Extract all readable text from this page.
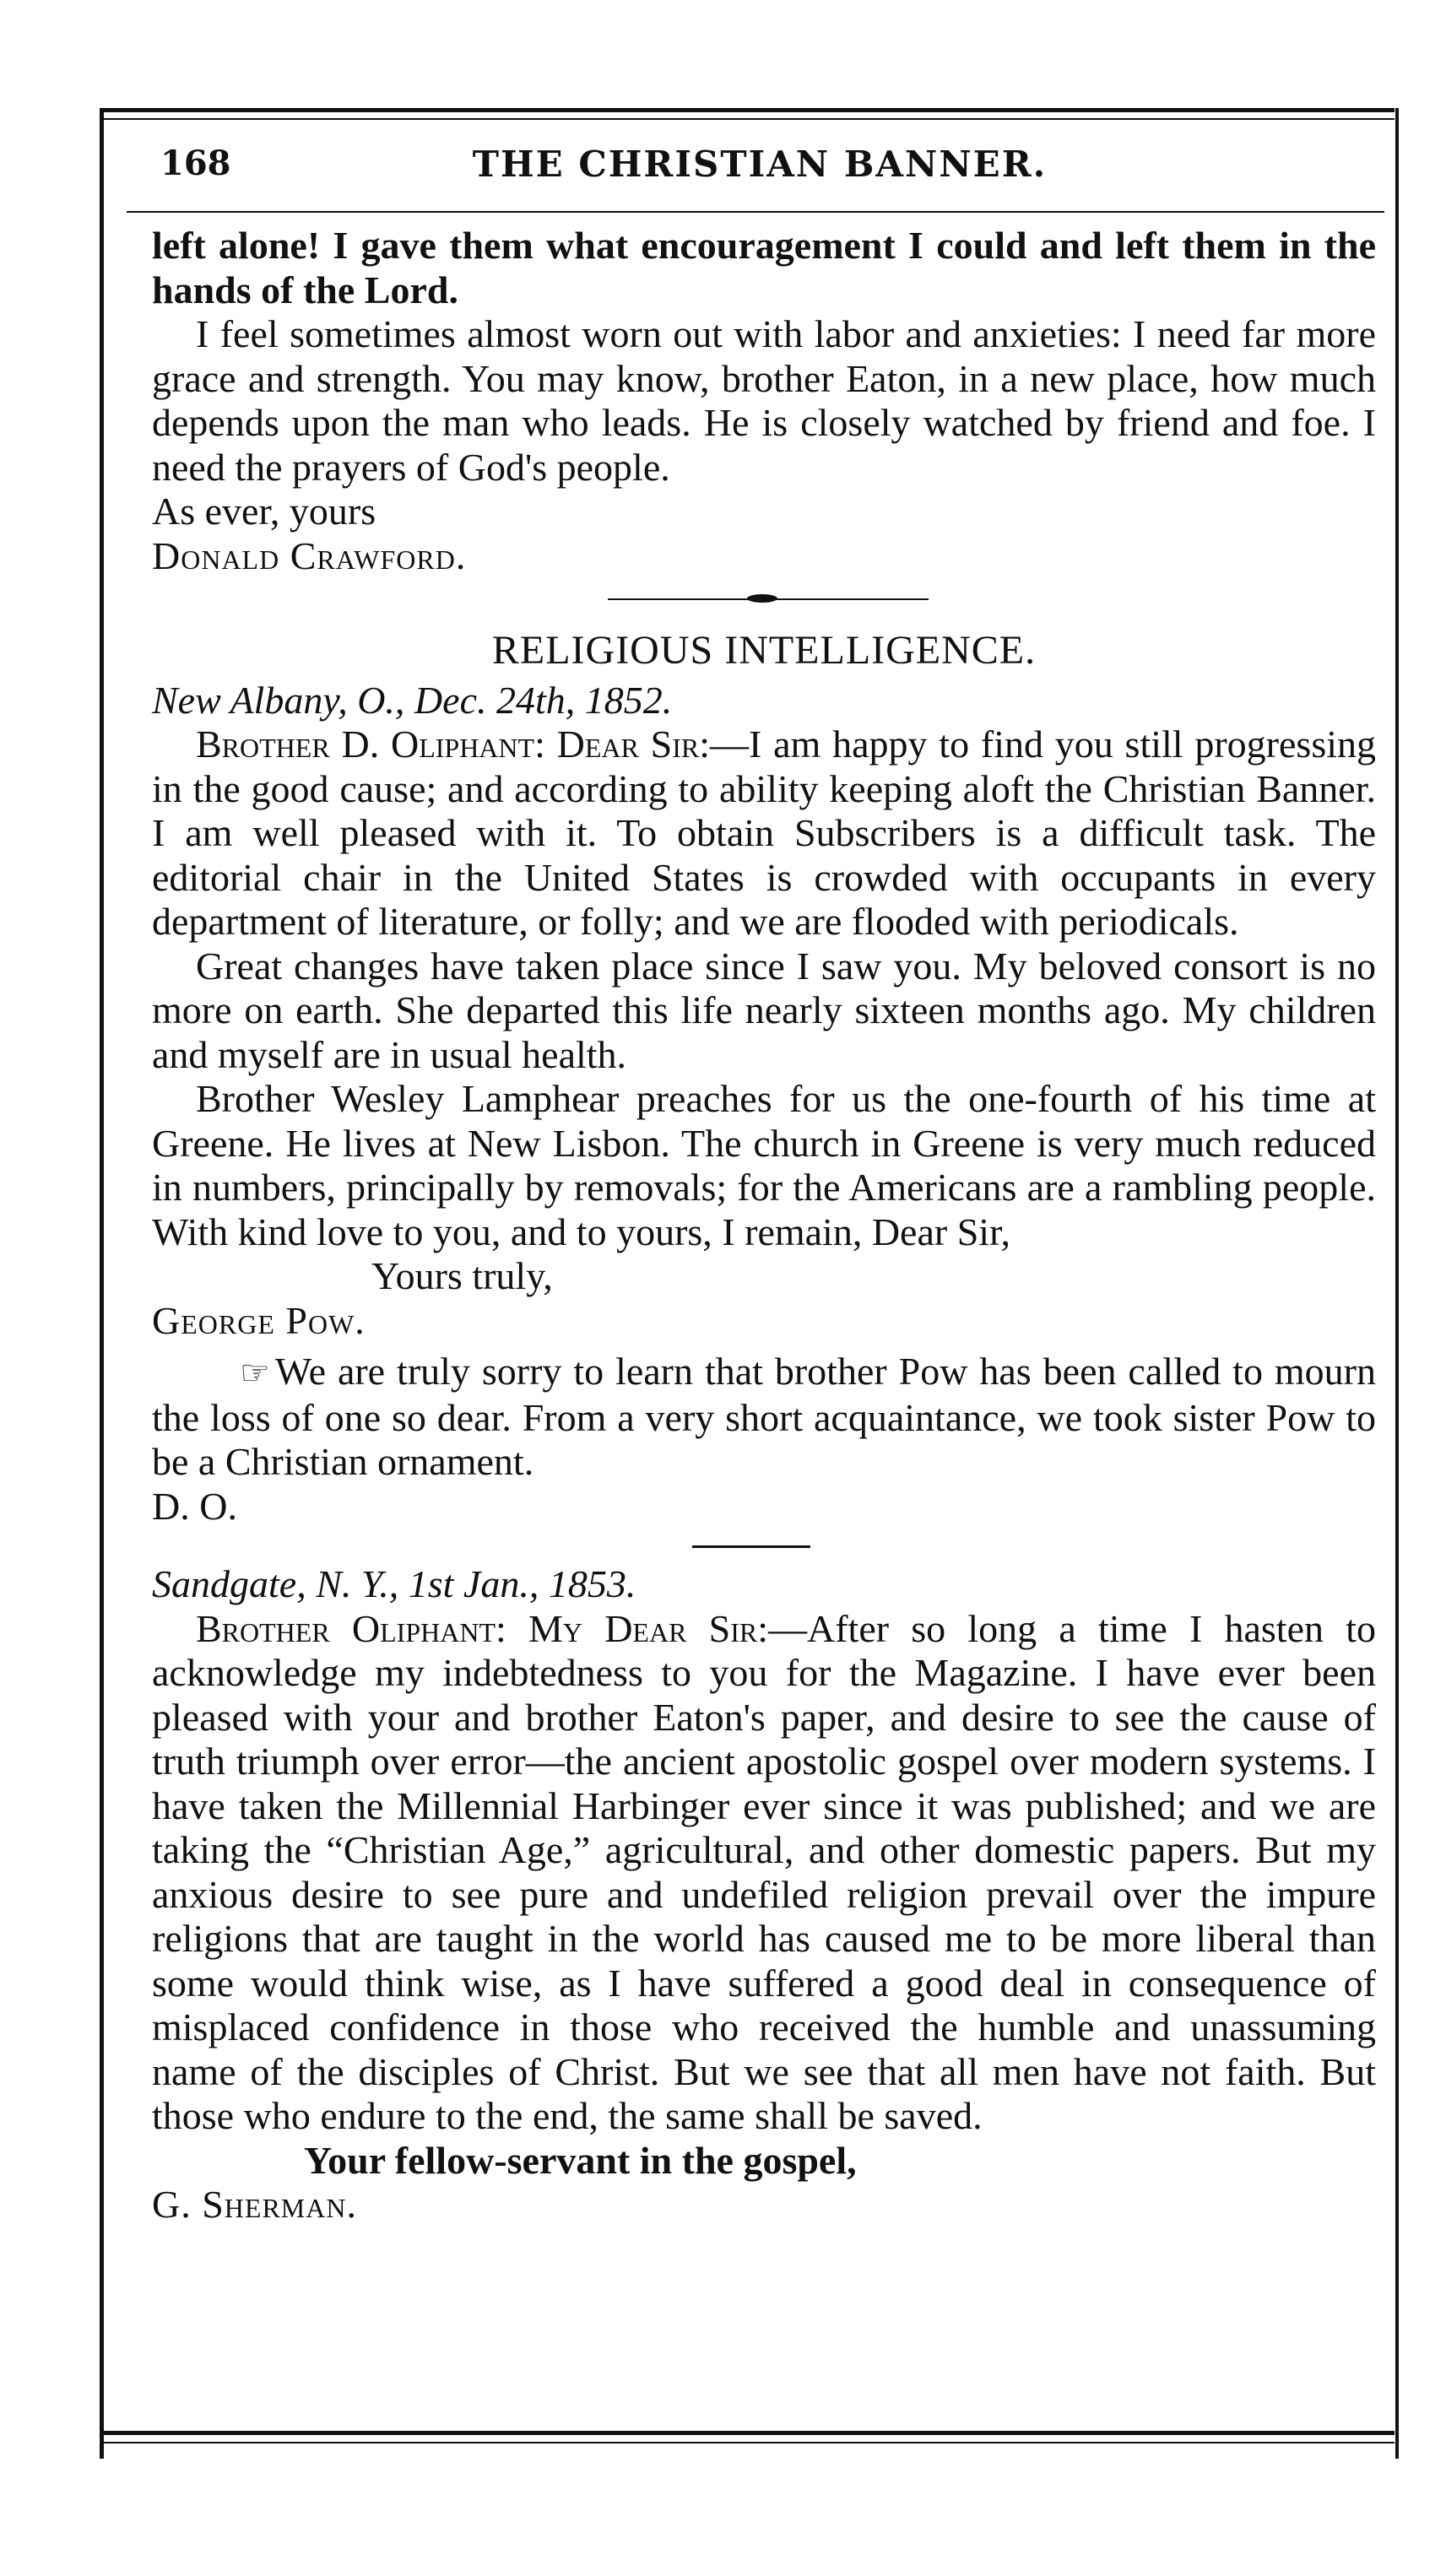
168	THE CHRISTIAN BANNER.

left alone! I gave them what encouragement I could and left them in the hands of the Lord.

I feel sometimes almost worn out with labor and anxieties: I need far more grace and strength. You may know, brother Eaton, in a new place, how much depends upon the man who leads. He is closely watched by friend and foe. I need the prayers of God's people.

As ever, yours

Donald Crawford.

RELIGIOUS INTELLIGENCE.

New Albany, O., Dec. 24th, 1852.

Brother D. Oliphant: Dear Sir:—I am happy to find you still progressing in the good cause; and according to ability keeping aloft the Christian Banner. I am well pleased with it. To obtain Subscribers is a difficult task. The editorial chair in the United States is crowded with occupants in every department of literature, or folly; and we are flooded with periodicals.

Great changes have taken place since I saw you. My beloved consort is no more on earth. She departed this life nearly sixteen months ago. My children and myself are in usual health.

Brother Wesley Lamphear preaches for us the one-fourth of his time at Greene. He lives at New Lisbon. The church in Greene is very much reduced in numbers, principally by removals; for the Americans are a rambling people. With kind love to you, and to yours, I remain, Dear Sir,

Yours truly,

George Pow.

☞ We are truly sorry to learn that brother Pow has been called to mourn the loss of one so dear. From a very short acquaintance, we took sister Pow to be a Christian ornament.

D. O.

Sandgate, N. Y., 1st Jan., 1853.

Brother Oliphant: My Dear Sir:—After so long a time I hasten to acknowledge my indebtedness to you for the Magazine. I have ever been pleased with your and brother Eaton's paper, and desire to see the cause of truth triumph over error—the ancient apostolic gospel over modern systems. I have taken the Millennial Harbinger ever since it was published; and we are taking the “Christian Age,” agricultural, and other domestic papers. But my anxious desire to see pure and undefiled religion prevail over the impure religions that are taught in the world has caused me to be more liberal than some would think wise, as I have suffered a good deal in consequence of misplaced confidence in those who received the humble and unassuming name of the disciples of Christ. But we see that all men have not faith. But those who endure to the end, the same shall be saved.

Your fellow-servant in the gospel,

G. Sherman.
